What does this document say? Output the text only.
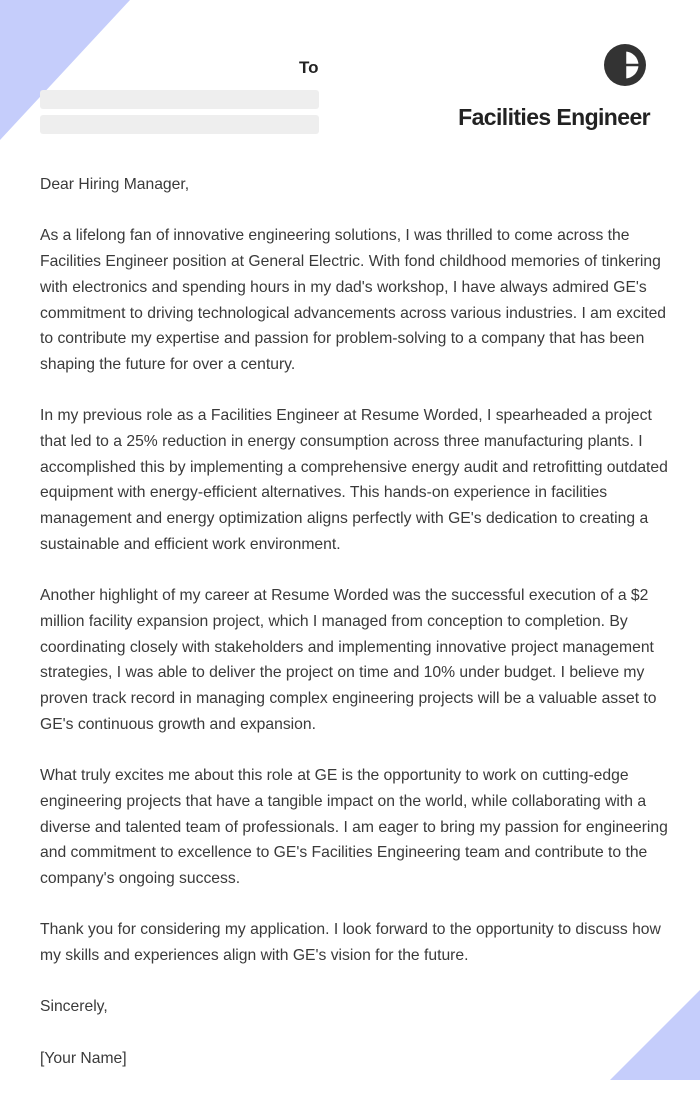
To
Facilities Engineer

Dear Hiring Manager,

As a lifelong fan of innovative engineering solutions, I was thrilled to come across the Facilities Engineer position at General Electric. With fond childhood memories of tinkering with electronics and spending hours in my dad's workshop, I have always admired GE's commitment to driving technological advancements across various industries. I am excited to contribute my expertise and passion for problem-solving to a company that has been shaping the future for over a century.

In my previous role as a Facilities Engineer at Resume Worded, I spearheaded a project that led to a 25% reduction in energy consumption across three manufacturing plants. I accomplished this by implementing a comprehensive energy audit and retrofitting outdated equipment with energy-efficient alternatives. This hands-on experience in facilities management and energy optimization aligns perfectly with GE's dedication to creating a sustainable and efficient work environment.

Another highlight of my career at Resume Worded was the successful execution of a $2 million facility expansion project, which I managed from conception to completion. By coordinating closely with stakeholders and implementing innovative project management strategies, I was able to deliver the project on time and 10% under budget. I believe my proven track record in managing complex engineering projects will be a valuable asset to GE's continuous growth and expansion.

What truly excites me about this role at GE is the opportunity to work on cutting-edge engineering projects that have a tangible impact on the world, while collaborating with a diverse and talented team of professionals. I am eager to bring my passion for engineering and commitment to excellence to GE's Facilities Engineering team and contribute to the company's ongoing success.

Thank you for considering my application. I look forward to the opportunity to discuss how my skills and experiences align with GE's vision for the future.

Sincerely,

[Your Name]
